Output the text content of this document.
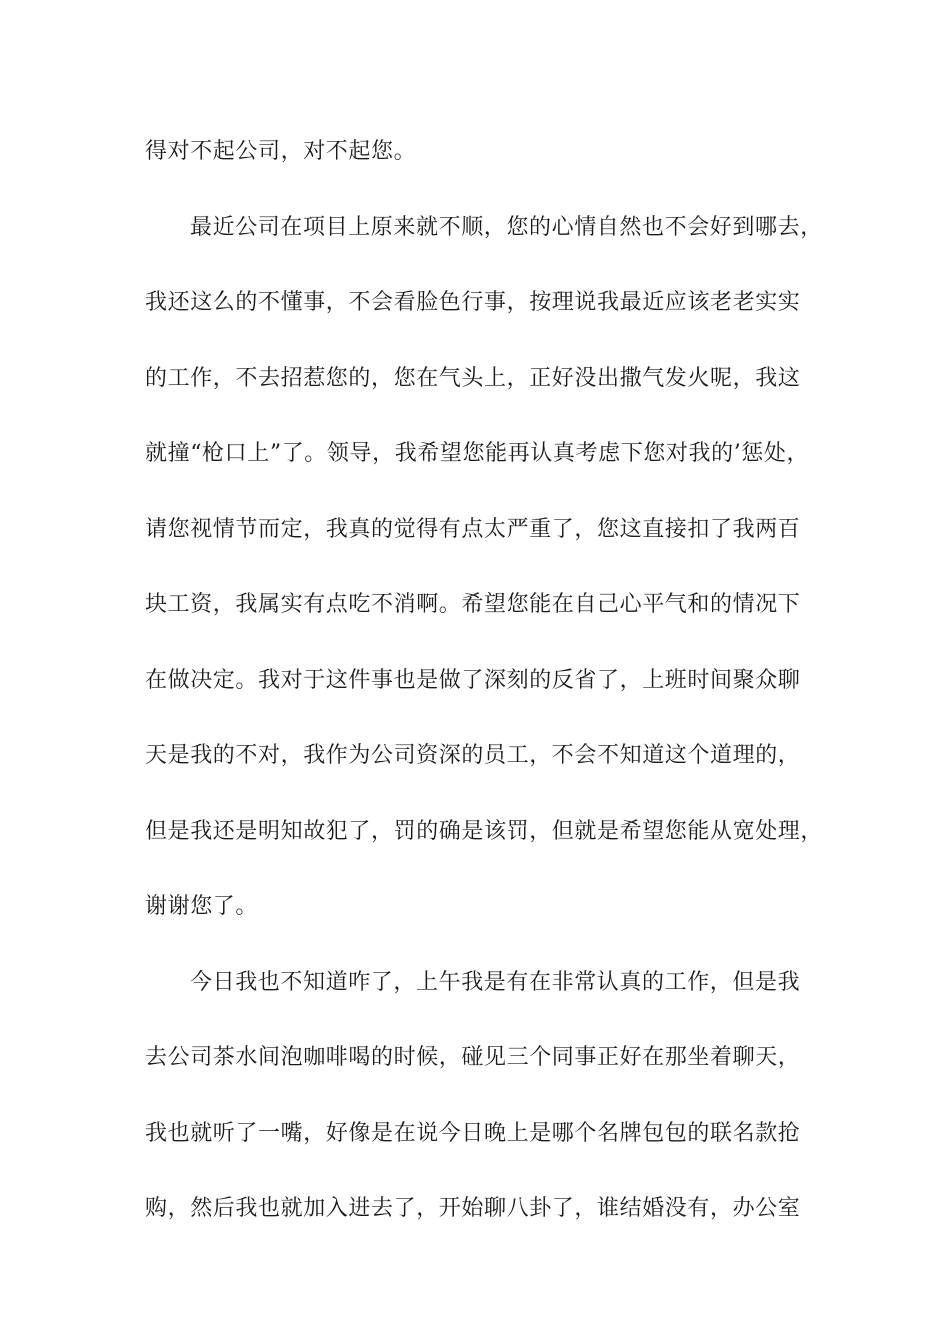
得对不起公司，对不起您。
最近公司在项目上原来就不顺，您的心情自然也不会好到哪去，
我还这么的不懂事，不会看脸色行事，按理说我最近应该老老实实
的工作，不去招惹您的，您在气头上，正好没出撒气发火呢，我这
就撞“枪口上”了。领导，我希望您能再认真考虑下您对我的’惩处，
请您视情节而定，我真的觉得有点太严重了，您这直接扣了我两百
块工资，我属实有点吃不消啊。希望您能在自己心平气和的情况下
在做决定。我对于这件事也是做了深刻的反省了，上班时间聚众聊
天是我的不对，我作为公司资深的员工，不会不知道这个道理的，
但是我还是明知故犯了，罚的确是该罚，但就是希望您能从宽处理，
谢谢您了。
今日我也不知道咋了，上午我是有在非常认真的工作，但是我
去公司茶水间泡咖啡喝的时候，碰见三个同事正好在那坐着聊天，
我也就听了一嘴，好像是在说今日晚上是哪个名牌包包的联名款抢
购，然后我也就加入进去了，开始聊八卦了，谁结婚没有，办公室
